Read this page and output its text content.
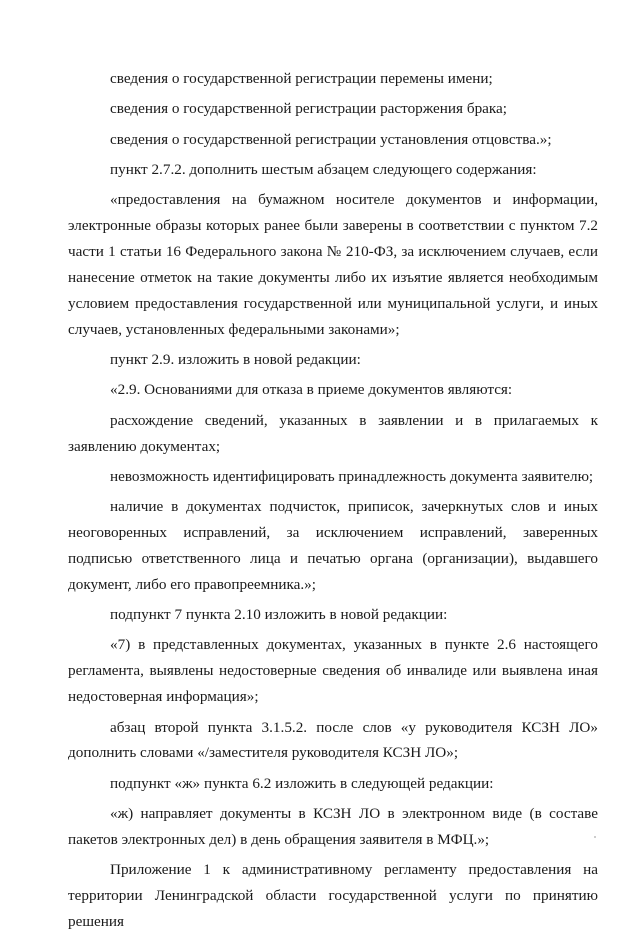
сведения о государственной регистрации перемены имени;

сведения о государственной регистрации расторжения брака;

сведения о государственной регистрации установления отцовства.»;

пункт 2.7.2. дополнить шестым абзацем следующего содержания:

«предоставления на бумажном носителе документов и информации, электронные образы которых ранее были заверены в соответствии с пунктом 7.2 части 1 статьи 16 Федерального закона № 210-ФЗ, за исключением случаев, если нанесение отметок на такие документы либо их изъятие является необходимым условием предоставления государственной или муниципальной услуги, и иных случаев, установленных федеральными законами»;

пункт 2.9. изложить в новой редакции:

«2.9. Основаниями для отказа в приеме документов являются:

расхождение сведений, указанных в заявлении и в прилагаемых к заявлению документах;

невозможность идентифицировать принадлежность документа заявителю;

наличие в документах подчисток, приписок, зачеркнутых слов и иных неоговоренных исправлений, за исключением исправлений, заверенных подписью ответственного лица и печатью органа (организации), выдавшего документ, либо его правопреемника.»;

подпункт 7 пункта 2.10 изложить в новой редакции:

«7) в представленных документах, указанных в пункте 2.6 настоящего регламента, выявлены недостоверные сведения об инвалиде или выявлена иная недостоверная информация»;

абзац второй пункта 3.1.5.2. после слов «у руководителя КСЗН ЛО» дополнить словами «/заместителя руководителя КСЗН ЛО»;

подпункт «ж» пункта 6.2 изложить в следующей редакции:

«ж) направляет документы в КСЗН ЛО в электронном виде (в составе пакетов электронных дел) в день обращения заявителя в МФЦ.»;

Приложение 1 к административному регламенту предоставления на территории Ленинградской области государственной услуги по принятию решения
